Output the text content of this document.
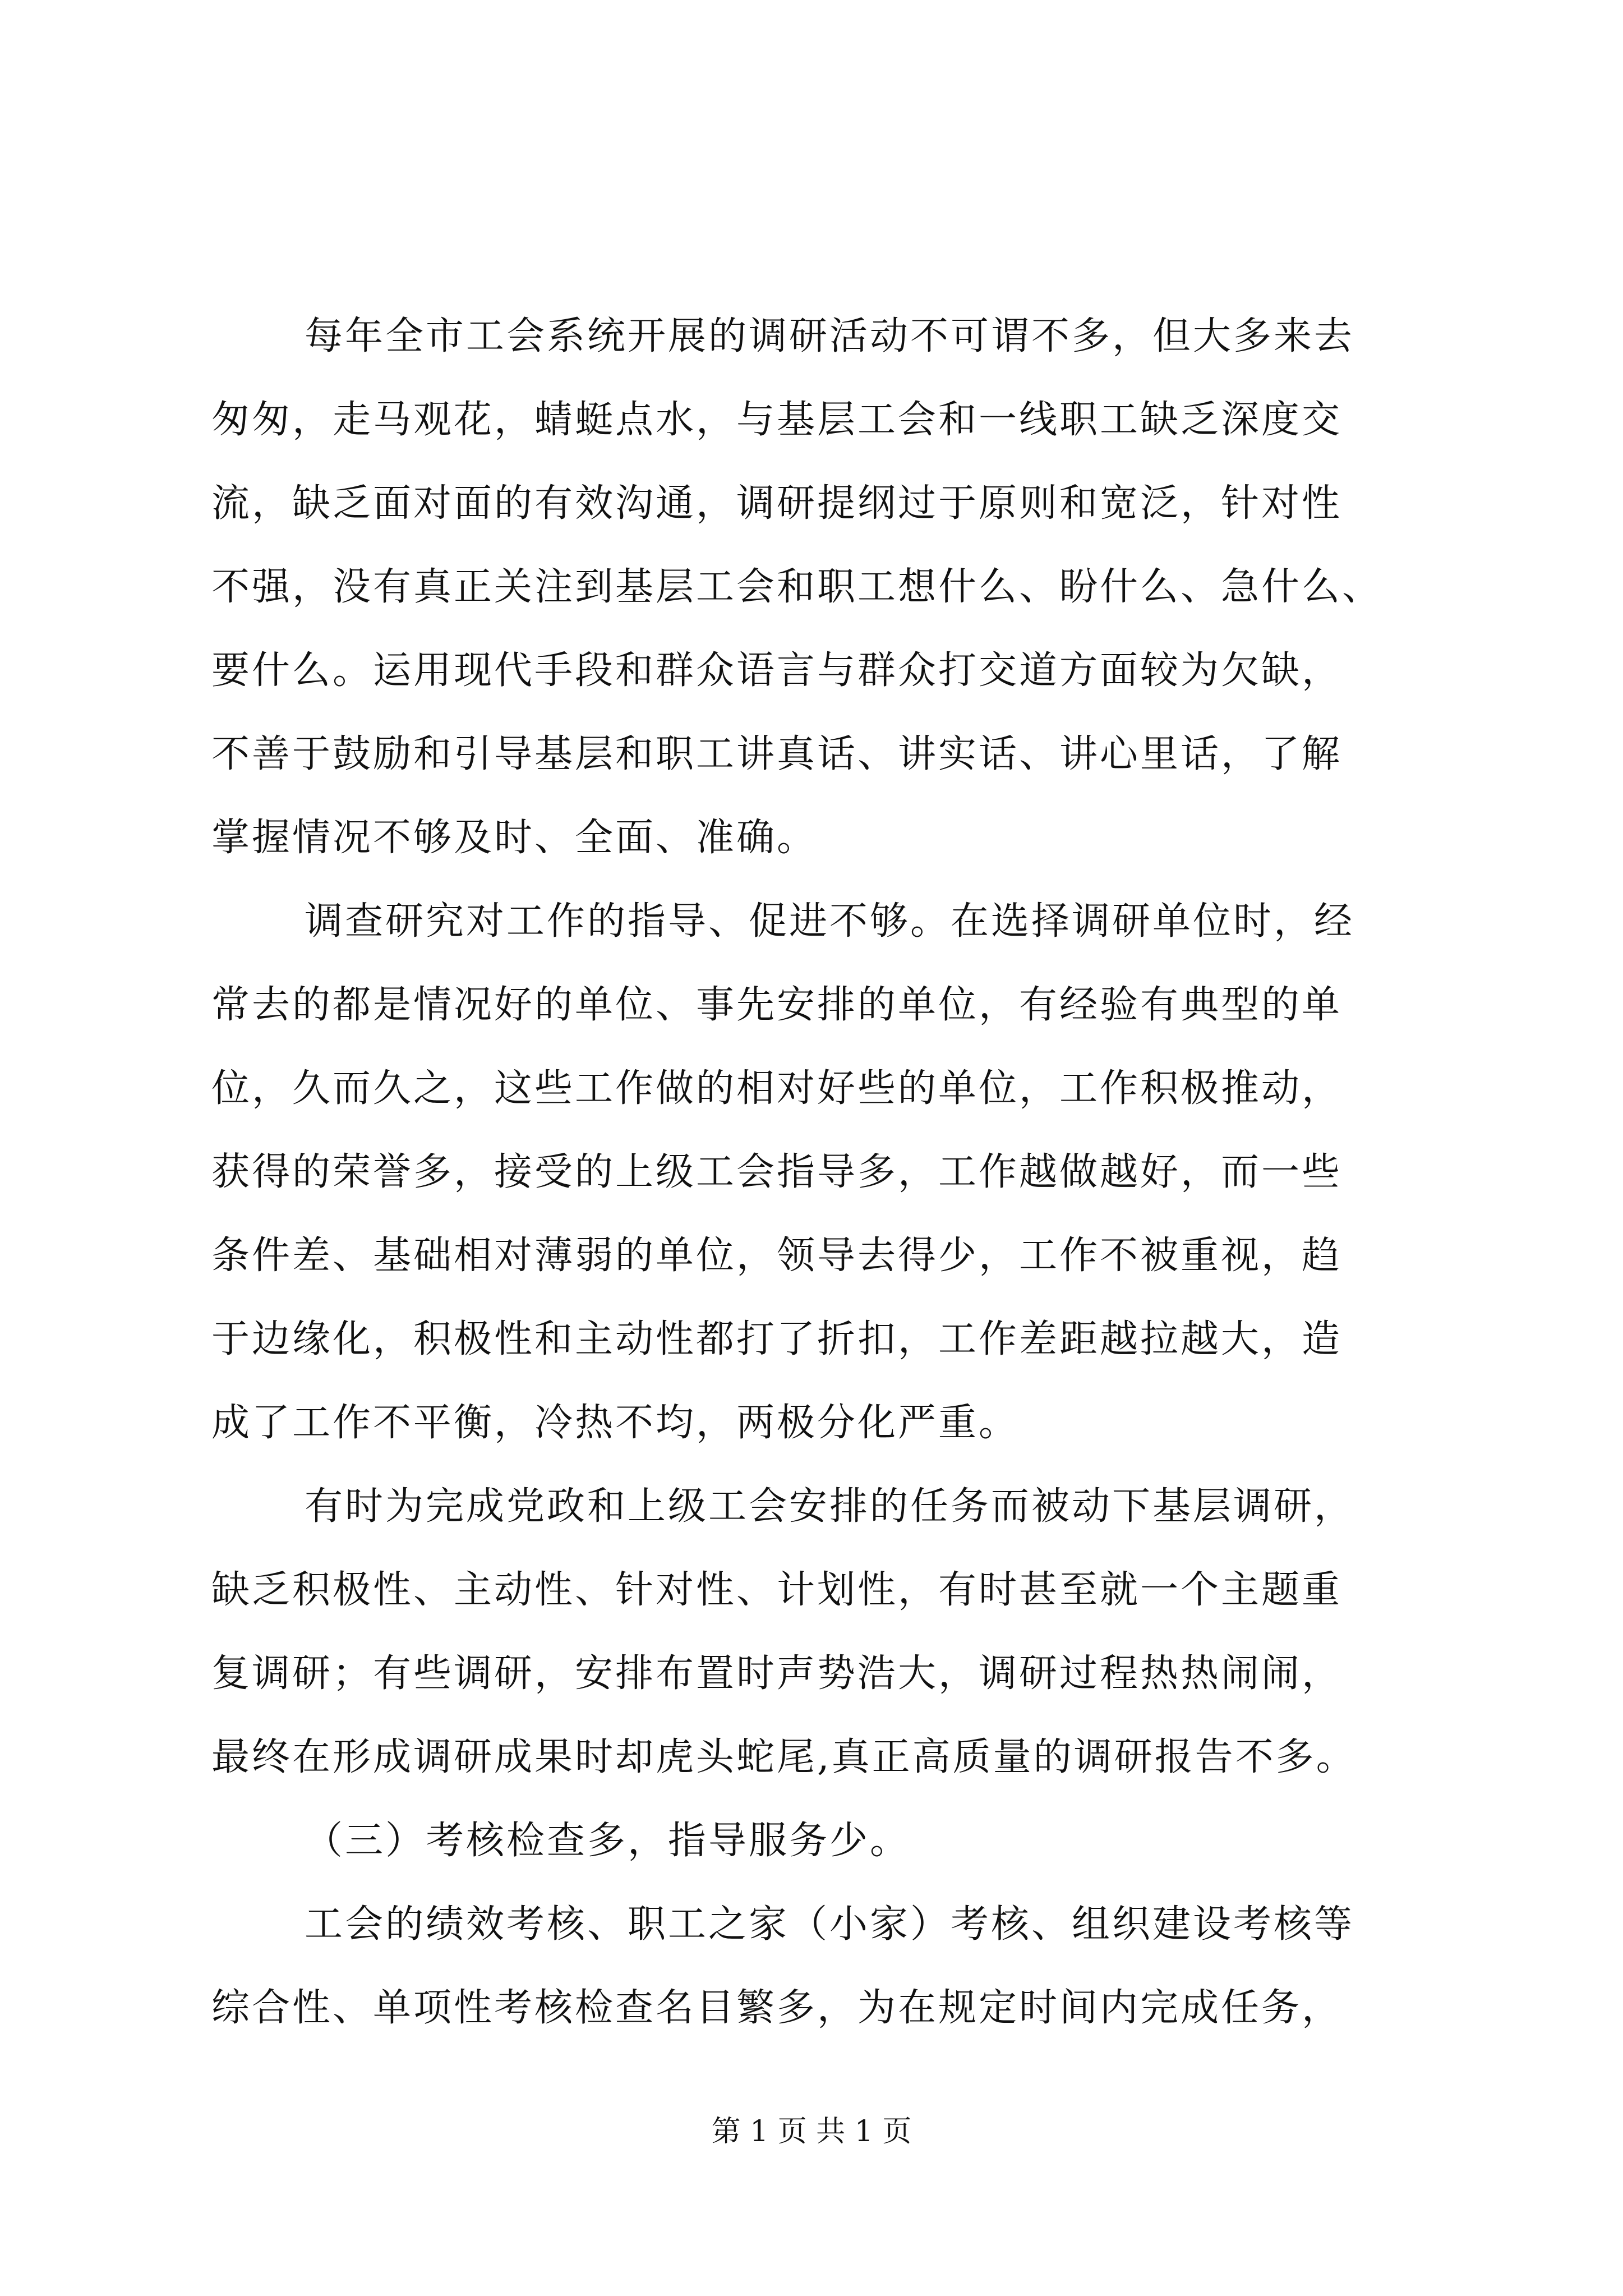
每年全市工会系统开展的调研活动不可谓不多，但大多来去
匆匆，走马观花，蜻蜓点水，与基层工会和一线职工缺乏深度交
流，缺乏面对面的有效沟通，调研提纲过于原则和宽泛，针对性
不强，没有真正关注到基层工会和职工想什么、盼什么、急什么、
要什么。运用现代手段和群众语言与群众打交道方面较为欠缺，
不善于鼓励和引导基层和职工讲真话、讲实话、讲心里话，了解
掌握情况不够及时、全面、准确。
调查研究对工作的指导、促进不够。在选择调研单位时，经
常去的都是情况好的单位、事先安排的单位，有经验有典型的单
位，久而久之，这些工作做的相对好些的单位，工作积极推动，
获得的荣誉多，接受的上级工会指导多，工作越做越好，而一些
条件差、基础相对薄弱的单位，领导去得少，工作不被重视，趋
于边缘化，积极性和主动性都打了折扣，工作差距越拉越大，造
成了工作不平衡，冷热不均，两极分化严重。
有时为完成党政和上级工会安排的任务而被动下基层调研，
缺乏积极性、主动性、针对性、计划性，有时甚至就一个主题重
复调研；有些调研，安排布置时声势浩大，调研过程热热闹闹，
最终在形成调研成果时却虎头蛇尾,真正高质量的调研报告不多。
（三）考核检查多，指导服务少。
工会的绩效考核、职工之家（小家）考核、组织建设考核等
综合性、单项性考核检查名目繁多，为在规定时间内完成任务，
第 1 页 共 1 页
